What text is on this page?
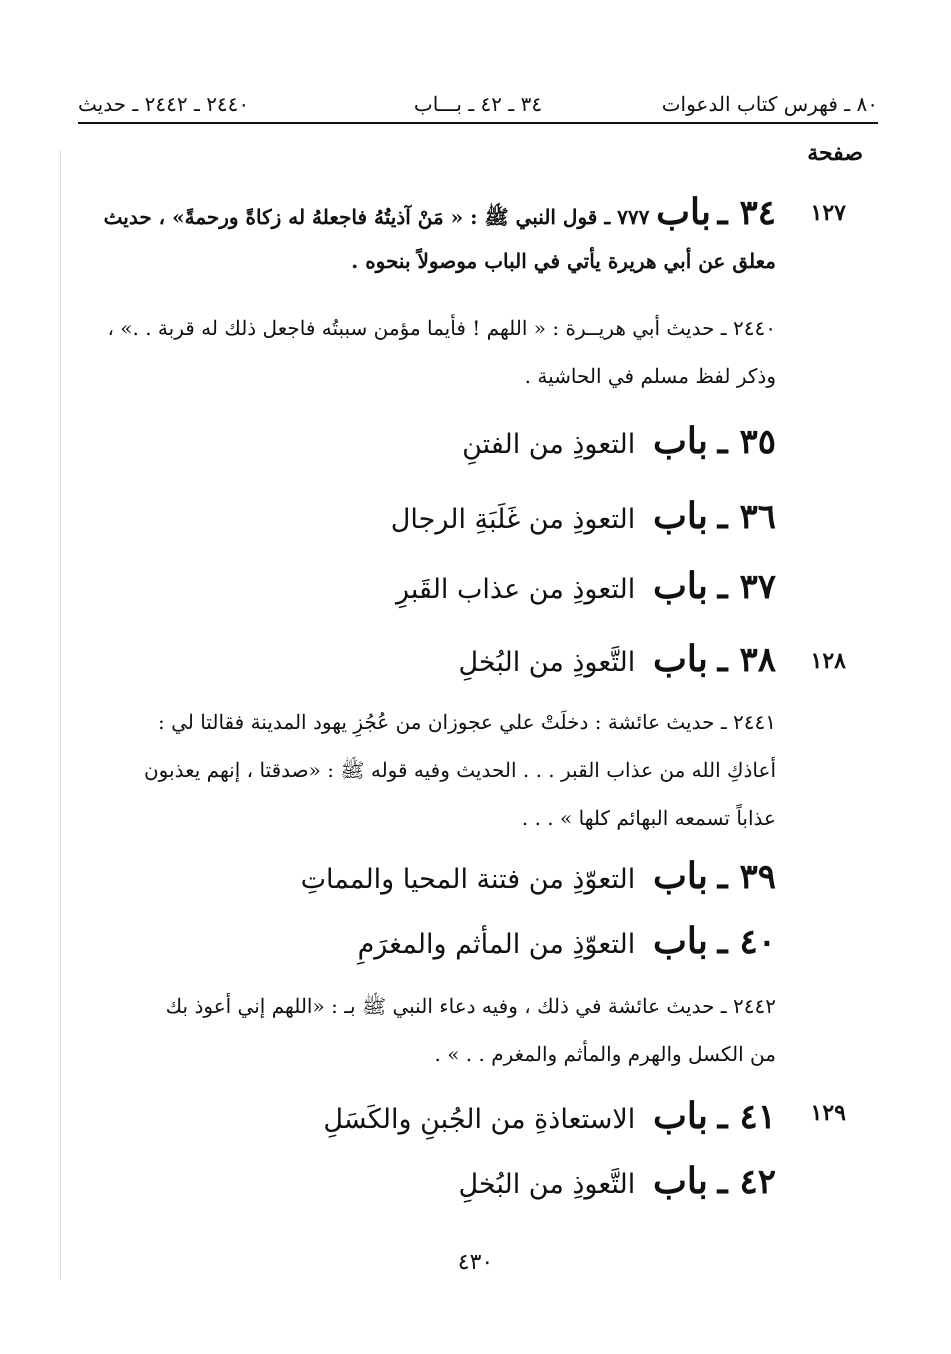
٨٠ ـ فهرس كتاب الدعوات
٣٤ ـ ٤٢ ـ بـــاب
٢٤٤٠ ـ ٢٤٤٢ ـ حديث
صفحة
١٢٧
١٢٨
١٢٩
٣٤ ـ باب ٧٧٧ ـ قول النبي ﷺ : « مَنْ آذيتُهُ فاجعلهُ له زكاةً ورحمةً» ، حديث
معلق عن أبي هريرة يأتي في الباب موصولاً بنحوه .
٢٤٤٠ ـ حديث أبي هريــرة : « اللهم ! فأيما مؤمن سببتُه فاجعل ذلك له قربة . .» ،
وذكر لفظ مسلم في الحاشية .
٣٥ ـ باب التعوذِ من الفتنِ
٣٦ ـ باب التعوذِ من غَلَبَةِ الرجال
٣٧ ـ باب التعوذِ من عذاب القَبرِ
٣٨ ـ باب التَّعوذِ من البُخلِ
٢٤٤١ ـ حديث عائشة : دخلَتْ علي عجوزان من عُجُزِ يهود المدينة فقالتا لي :
أعاذكِ الله من عذاب القبر . . . الحديث وفيه قوله ﷺ : «صدقتا ، إنهم يعذبون
عذاباً تسمعه البهائم كلها » . . .
٣٩ ـ باب التعوّذِ من فتنة المحيا والمماتِ
٤٠ ـ باب التعوّذِ من المأثم والمغرَمِ
٢٤٤٢ ـ حديث عائشة في ذلك ، وفيه دعاء النبي ﷺ بـ : «اللهم إني أعوذ بك
من الكسل والهرم والمأثم والمغرم . . » .
٤١ ـ باب الاستعاذةِ من الجُبنِ والكَسَلِ
٤٢ ـ باب التَّعوذِ من البُخلِ
٤٣٠
